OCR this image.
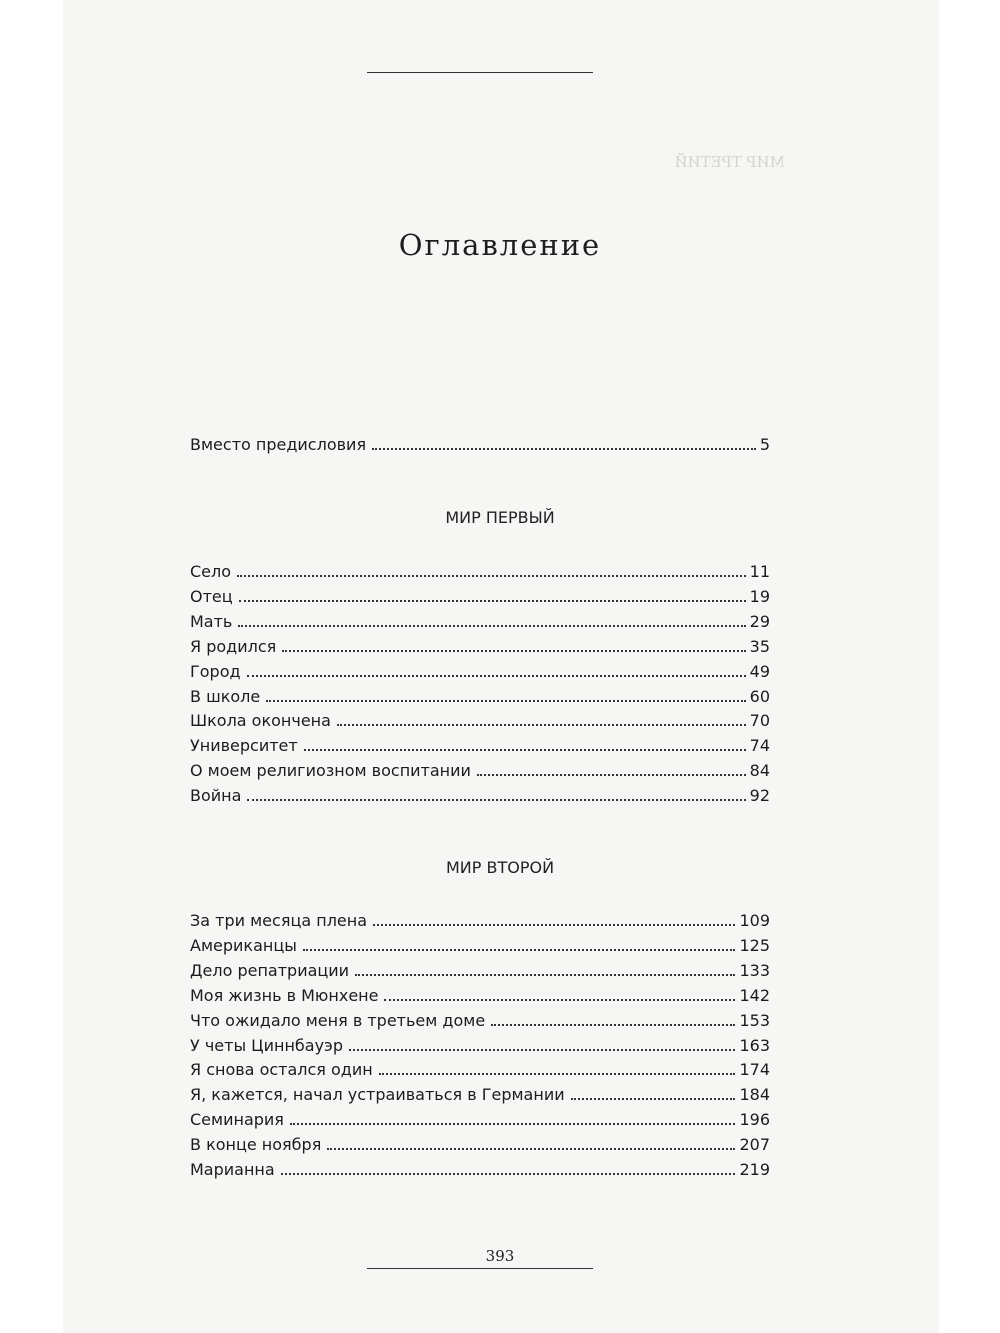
МИР ТРЕТИЙ
Оглавление
Вместо предисловия	5
МИР ПЕРВЫЙ
Село	11
Отец	19
Мать	29
Я родился	35
Город	49
В школе	60
Школа окончена	70
Университет	74
О моем религиозном воспитании	84
Война	92
МИР ВТОРОЙ
За три месяца плена	109
Американцы	125
Дело репатриации	133
Моя жизнь в Мюнхене	142
Что ожидало меня в третьем доме	153
У четы Циннбауэр	163
Я снова остался один	174
Я, кажется, начал устраиваться в Германии	184
Семинария	196
В конце ноября	207
Марианна	219
393
